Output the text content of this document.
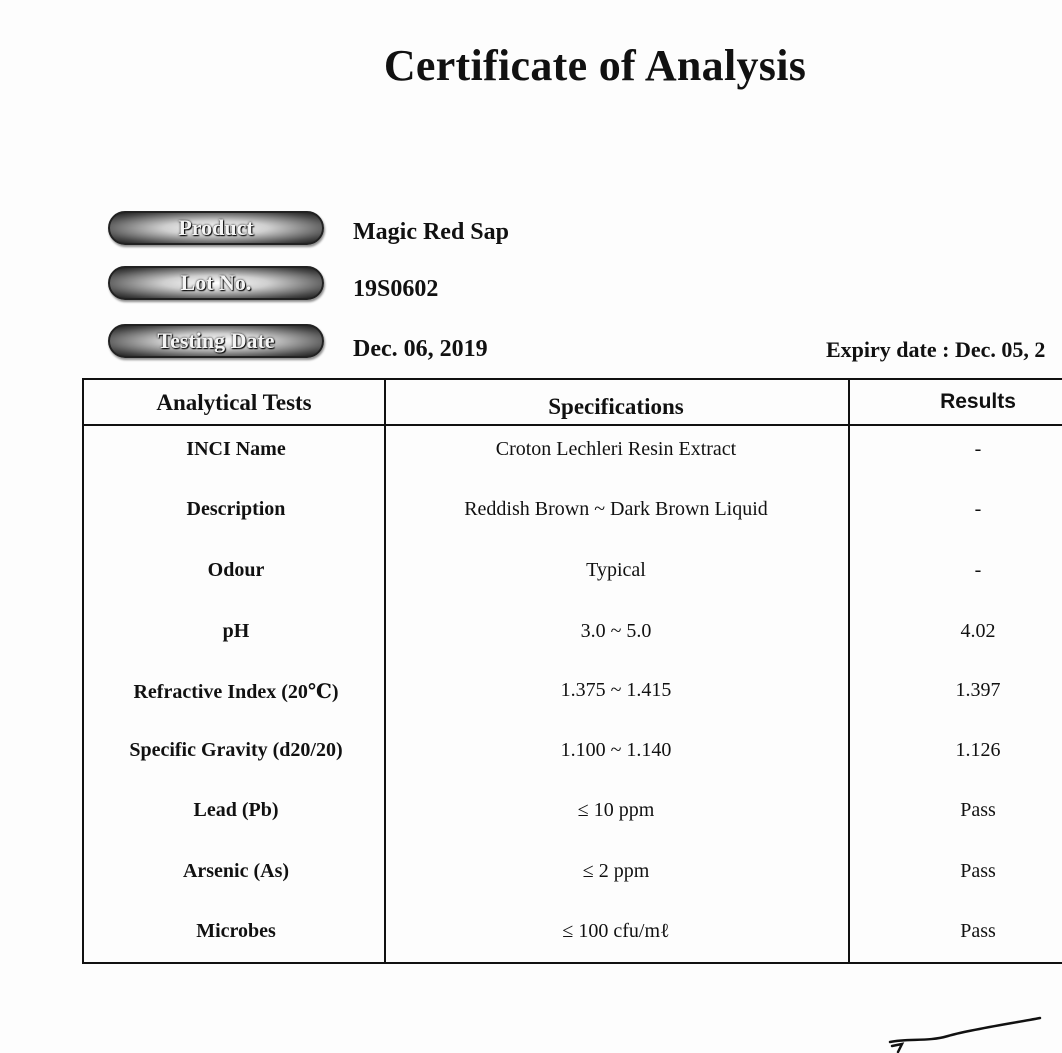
Certificate of Analysis
Product	Magic Red Sap
Lot No.	19S0602
Testing Date	Dec. 06, 2019	Expiry date : Dec. 05, 2
Analytical Tests	Specifications	Results
INCI Name	Croton Lechleri Resin Extract	-
Description	Reddish Brown ~ Dark Brown Liquid	-
Odour	Typical	-
pH	3.0 ~ 5.0	4.02
Refractive Index (20℃)	1.375 ~ 1.415	1.397
Specific Gravity (d20/20)	1.100 ~ 1.140	1.126
Lead (Pb)	≤ 10 ppm	Pass
Arsenic (As)	≤ 2 ppm	Pass
Microbes	≤ 100 cfu/mℓ	Pass
